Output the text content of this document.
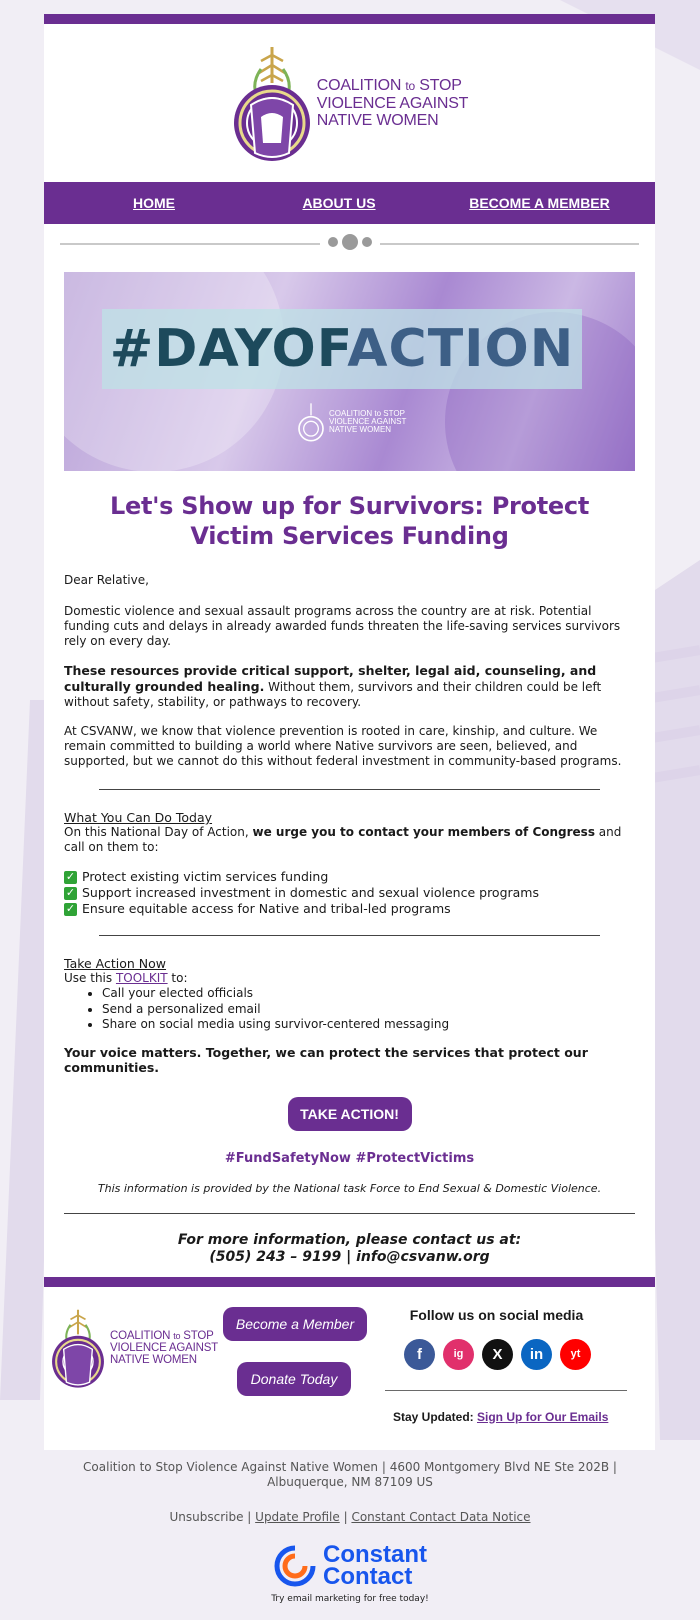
COALITION to STOP
VIOLENCE AGAINST
NATIVE WOMEN
HOME	ABOUT US	BECOME A MEMBER
#DAYOFACTION
COALITION to STOP
VIOLENCE AGAINST
NATIVE WOMEN
Let's Show up for Survivors: Protect Victim Services Funding

Dear Relative,

Domestic violence and sexual assault programs across the country are at risk. Potential funding cuts and delays in already awarded funds threaten the life-saving services survivors rely on every day.

These resources provide critical support, shelter, legal aid, counseling, and culturally grounded healing. Without them, survivors and their children could be left without safety, stability, or pathways to recovery.

At CSVANW, we know that violence prevention is rooted in care, kinship, and culture. We remain committed to building a world where Native survivors are seen, believed, and supported, but we cannot do this without federal investment in community-based programs.

What You Can Do Today
On this National Day of Action, we urge you to contact your members of Congress and call on them to:
✓ Protect existing victim services funding
✓ Support increased investment in domestic and sexual violence programs
✓ Ensure equitable access for Native and tribal-led programs
Take Action Now
Use this TOOLKIT to:
• Call your elected officials
• Send a personalized email
• Share on social media using survivor-centered messaging
Your voice matters. Together, we can protect the services that protect our communities.
TAKE ACTION!
#FundSafetyNow #ProtectVictims
This information is provided by the National task Force to End Sexual & Domestic Violence.
For more information, please contact us at:
(505) 243 – 9199 | info@csvanw.org
COALITION to STOP
VIOLENCE AGAINST
NATIVE WOMEN
Become a Member
Donate Today
Follow us on social media
f	ig	X	in	yt
Stay Updated: Sign Up for Our Emails
Coalition to Stop Violence Against Native Women | 4600 Montgomery Blvd NE Ste 202B | Albuquerque, NM 87109 US
Unsubscribe | Update Profile | Constant Contact Data Notice
Constant
Contact
Try email marketing for free today!
